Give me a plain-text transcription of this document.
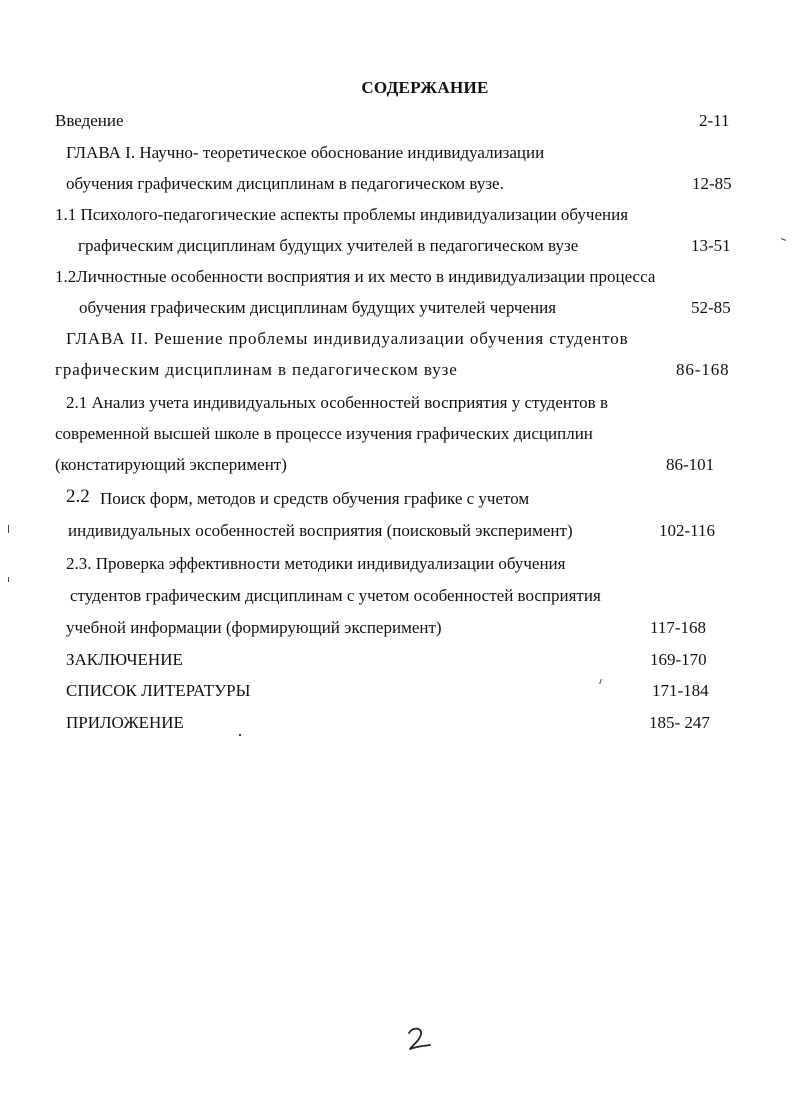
СОДЕРЖАНИЕ
Введение	2-11
ГЛАВА I. Научно- теоретическое обоснование индивидуализации
обучения графическим дисциплинам в педагогическом вузе.	12-85
1.1 Психолого-педагогические аспекты проблемы индивидуализации обучения
графическим дисциплинам будущих учителей в педагогическом вузе	13-51
1.2Личностные особенности восприятия и их место в индивидуализации процесса
обучения графическим дисциплинам будущих учителей черчения	52-85
ГЛАВА II. Решение проблемы индивидуализации обучения студентов
графическим дисциплинам в педагогическом вузе	86-168
2.1 Анализ учета индивидуальных особенностей восприятия у студентов в
современной высшей школе в процессе изучения графических дисциплин
(констатирующий эксперимент)	86-101
2.2 Поиск форм, методов и средств обучения графике с учетом
индивидуальных особенностей восприятия (поисковый эксперимент)	102-116
2.3. Проверка эффективности методики индивидуализации обучения
студентов графическим дисциплинам с учетом особенностей восприятия
учебной информации (формирующий эксперимент)	117-168
ЗАКЛЮЧЕНИЕ	169-170
СПИСОК ЛИТЕРАТУРЫ	171-184
ПРИЛОЖЕНИЕ	185- 247
